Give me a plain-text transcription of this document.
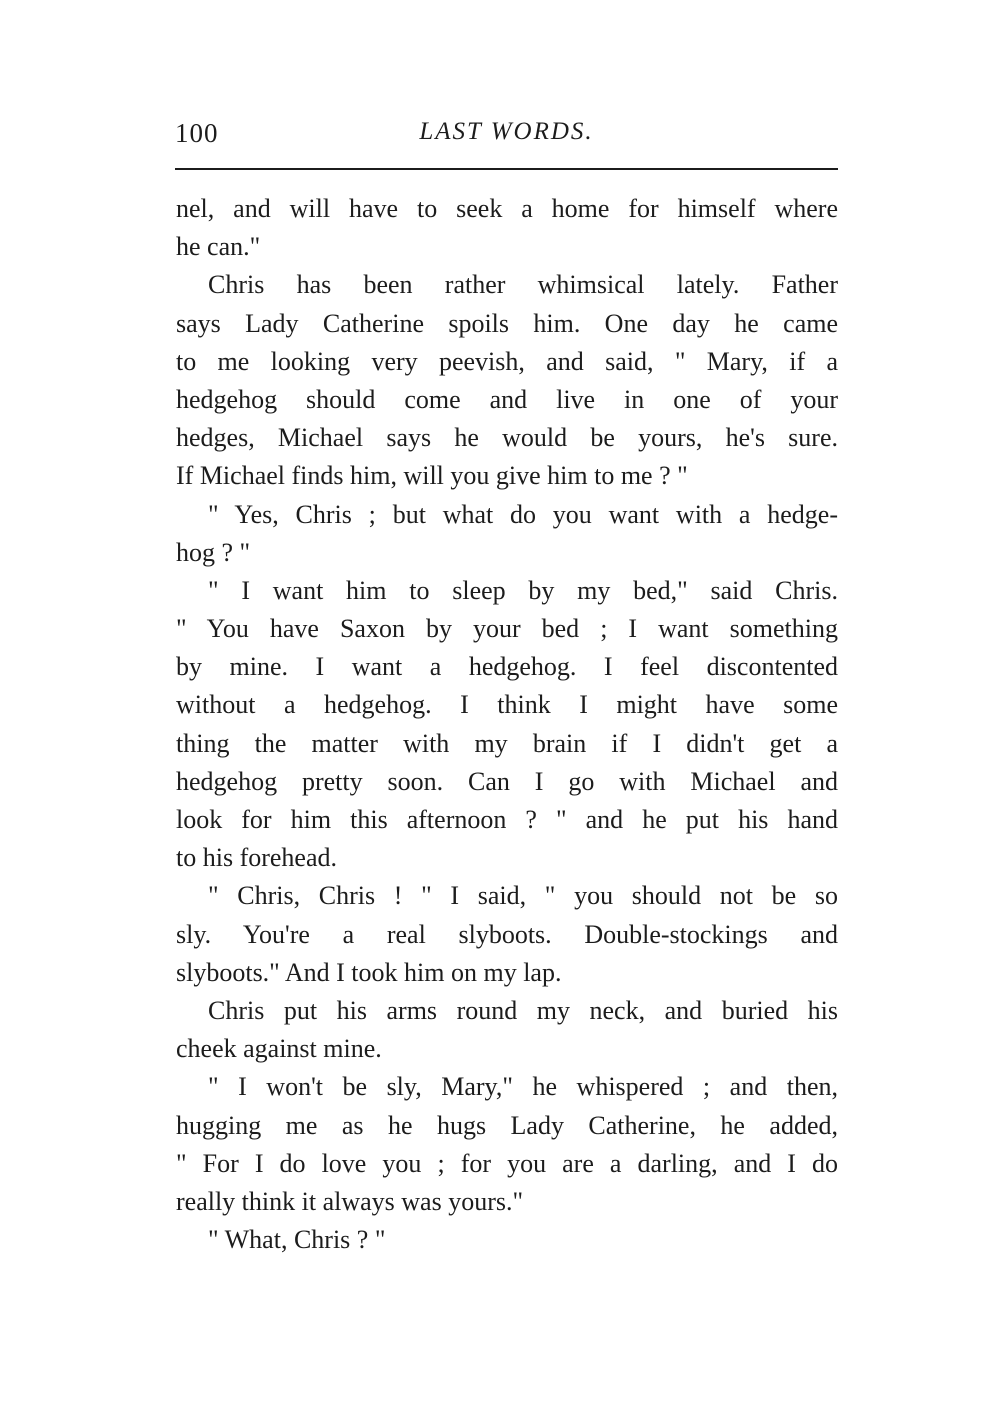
100	LAST WORDS.
nel, and will have to seek a home for himself where
he can."
Chris has been rather whimsical lately. Father
says Lady Catherine spoils him. One day he came
to me looking very peevish, and said, " Mary, if a
hedgehog should come and live in one of your
hedges, Michael says he would be yours, he's sure.
If Michael finds him, will you give him to me ? "
" Yes, Chris ; but what do you want with a hedge-
hog ? "
" I want him to sleep by my bed," said Chris.
" You have Saxon by your bed ; I want something
by mine. I want a hedgehog. I feel discontented
without a hedgehog. I think I might have some
thing the matter with my brain if I didn't get a
hedgehog pretty soon. Can I go with Michael and
look for him this afternoon ? " and he put his hand
to his forehead.
" Chris, Chris ! " I said, " you should not be so
sly. You're a real slyboots. Double-stockings and
slyboots." And I took him on my lap.
Chris put his arms round my neck, and buried his
cheek against mine.
" I won't be sly, Mary," he whispered ; and then,
hugging me as he hugs Lady Catherine, he added,
" For I do love you ; for you are a darling, and I do
really think it always was yours."
" What, Chris ? "
